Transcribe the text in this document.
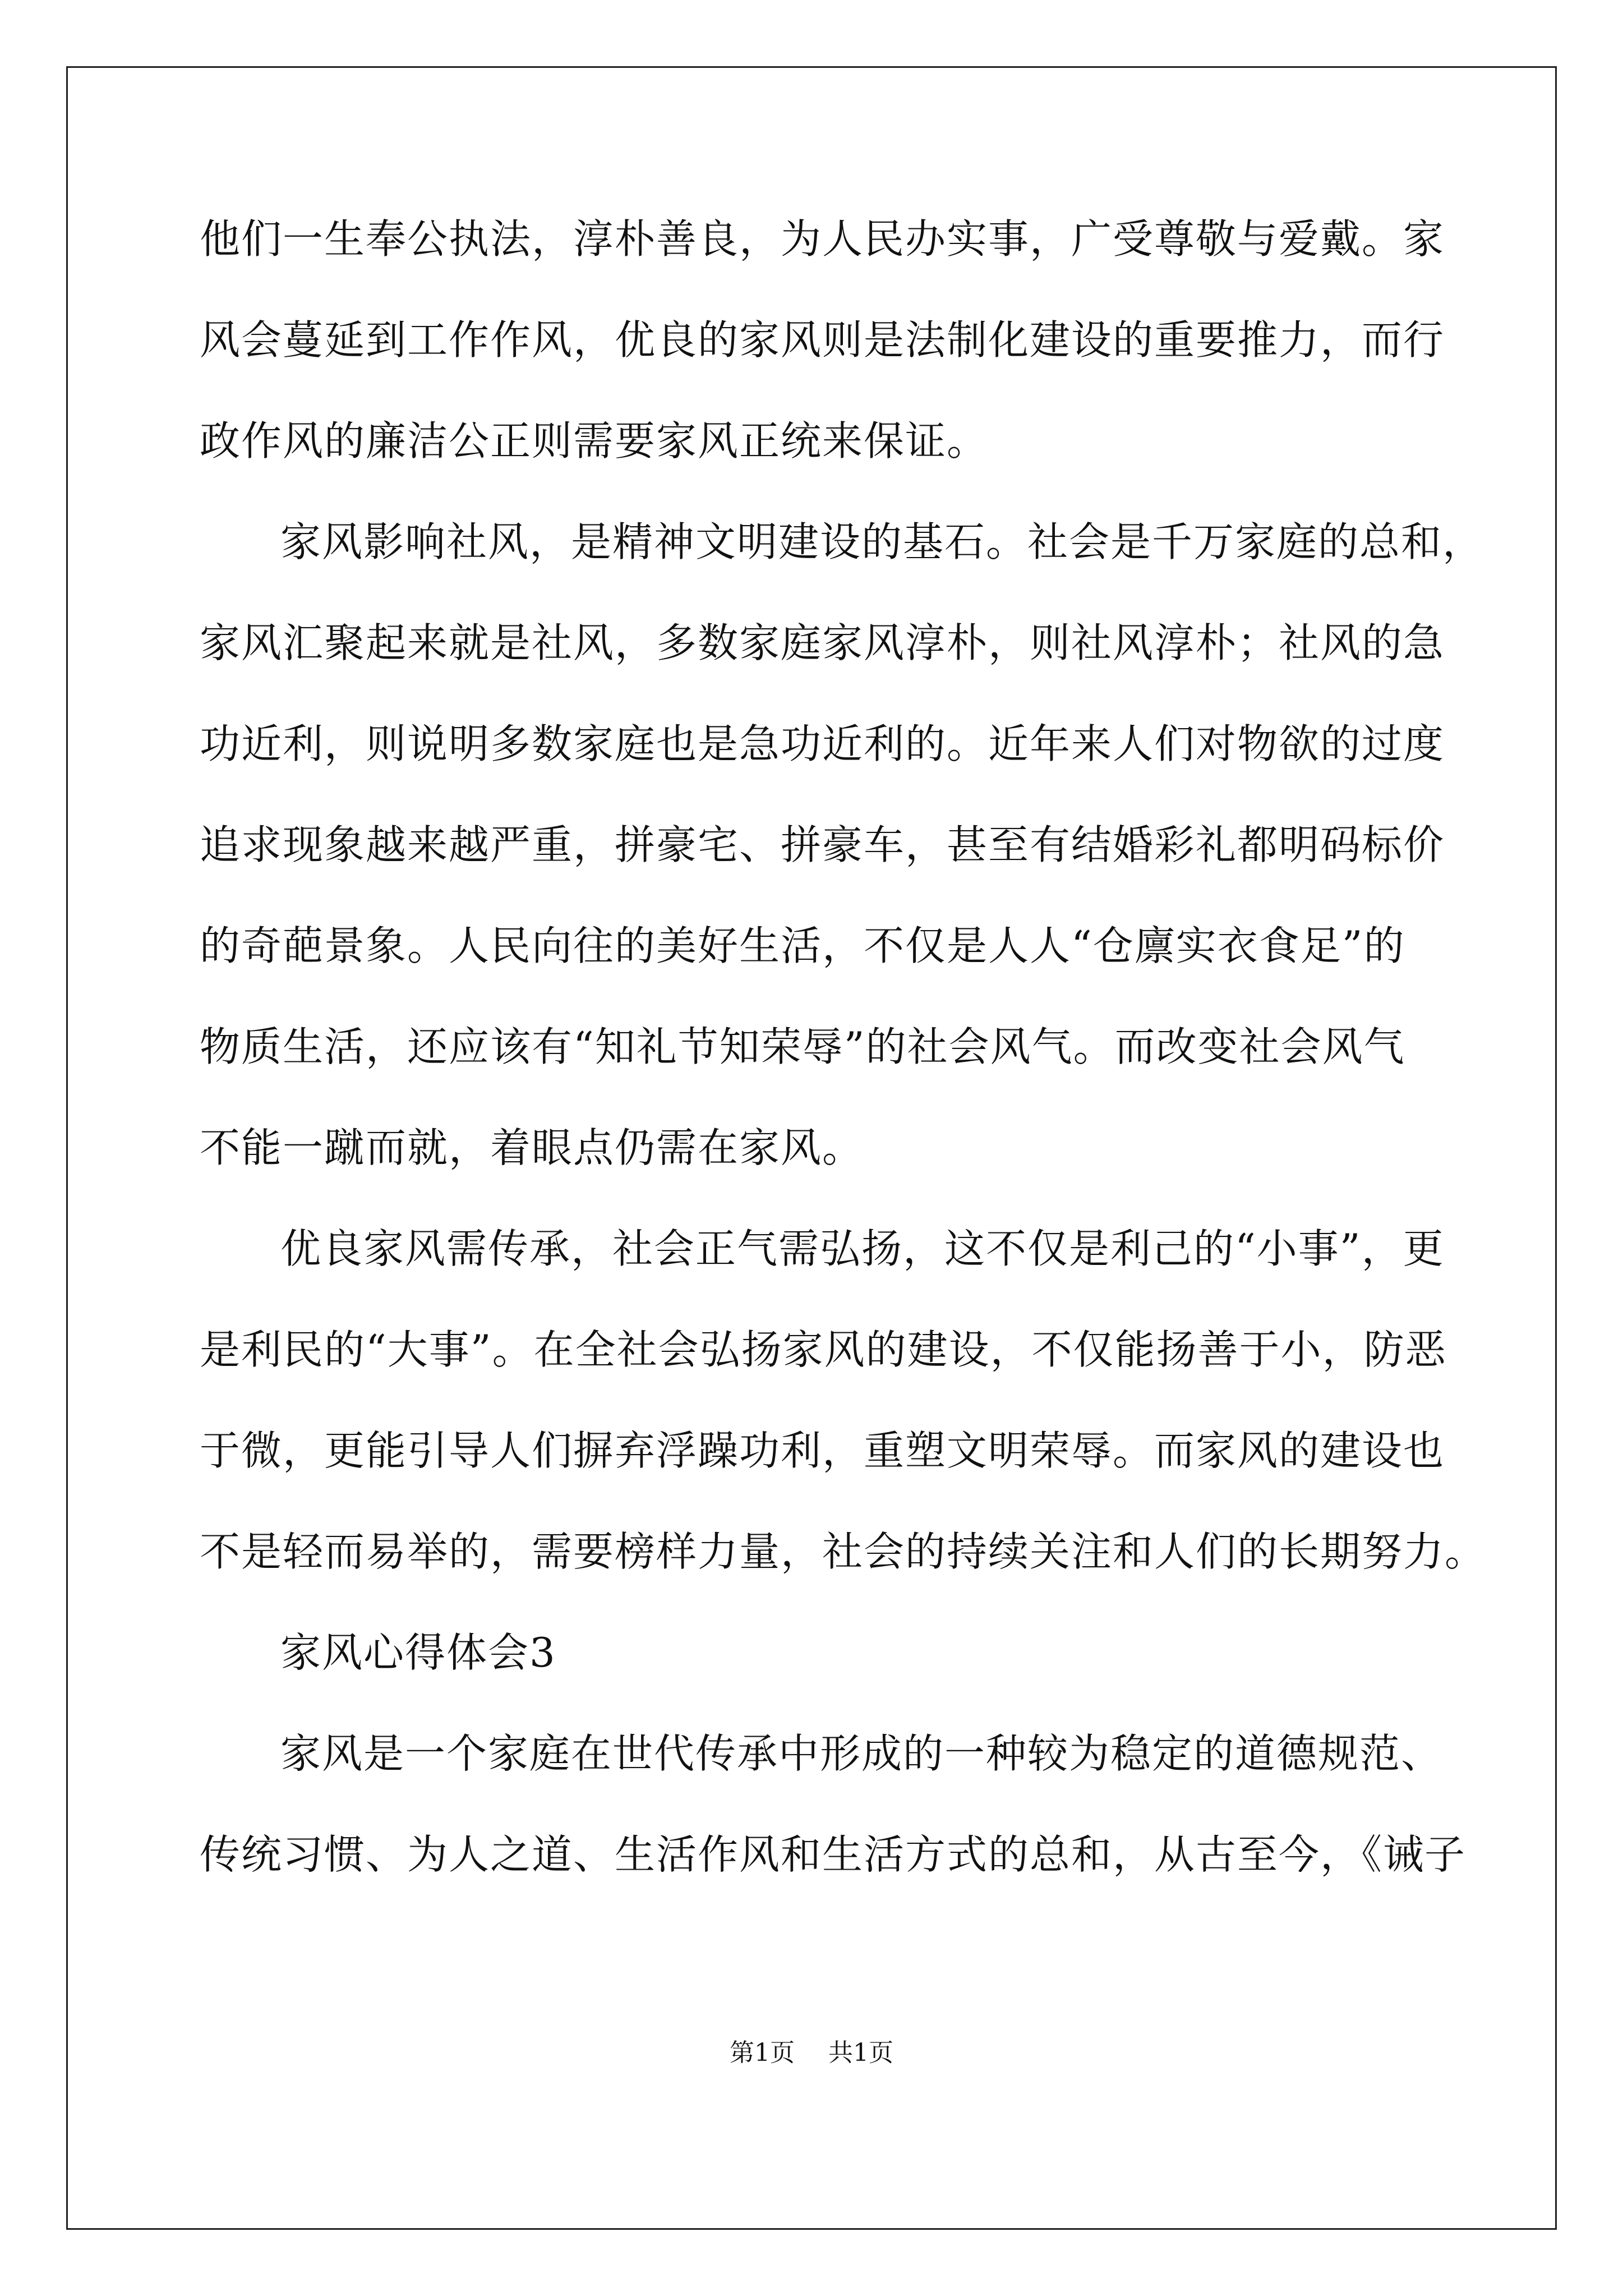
他们一生奉公执法，淳朴善良，为人民办实事，广受尊敬与爱戴。家
风会蔓延到工作作风，优良的家风则是法制化建设的重要推力，而行
政作风的廉洁公正则需要家风正统来保证。
家风影响社风，是精神文明建设的基石。社会是千万家庭的总和，
家风汇聚起来就是社风，多数家庭家风淳朴，则社风淳朴；社风的急
功近利，则说明多数家庭也是急功近利的。近年来人们对物欲的过度
追求现象越来越严重，拼豪宅、拼豪车，甚至有结婚彩礼都明码标价
的奇葩景象。人民向往的美好生活，不仅是人人“仓廪实衣食足”的
物质生活，还应该有“知礼节知荣辱”的社会风气。而改变社会风气
不能一蹴而就，着眼点仍需在家风。
优良家风需传承，社会正气需弘扬，这不仅是利己的“小事”，更
是利民的“大事”。在全社会弘扬家风的建设，不仅能扬善于小，防恶
于微，更能引导人们摒弃浮躁功利，重塑文明荣辱。而家风的建设也
不是轻而易举的，需要榜样力量，社会的持续关注和人们的长期努力。
家风心得体会3
家风是一个家庭在世代传承中形成的一种较为稳定的道德规范、
传统习惯、为人之道、生活作风和生活方式的总和，从古至今，《诫子
第1页 共1页
